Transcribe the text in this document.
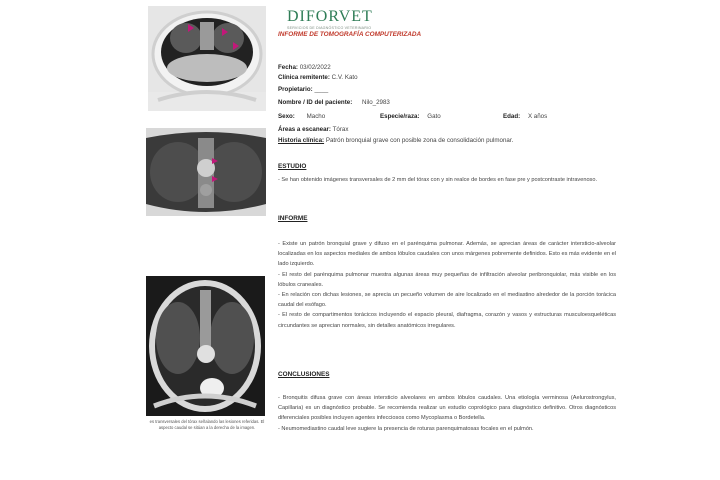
es transversales del tórax señalando las lesiones referidas. El aspecto caudal se sitúan a la derecha de la imagen.
DIFORVET
SERVICIOS DE DIAGNÓSTICO VETERINARIO
INFORME DE TOMOGRAFÍA COMPUTERIZADA
Fecha: 03/02/2022
Clínica remitente: C.V. Kato
Propietario: ____
Nombre / ID del paciente: Nilo_2983
Sexo: Macho	Especie/raza: Gato	Edad: X años
Áreas a escanear: Tórax
Historia clínica: Patrón bronquial grave con posible zona de consolidación pulmonar.
ESTUDIO

- Se han obtenido imágenes transversales de 2 mm del tórax con y sin realce de bordes en fase pre y postcontraste intravenoso.

INFORME

- Existe un patrón bronquial grave y difuso en el parénquima pulmonar. Además, se aprecian áreas de carácter intersticio-alveolar localizadas en los aspectos mediales de ambos lóbulos caudales con unos márgenes pobremente definidos. Esto es más evidente en el lado izquierdo.

- El resto del parénquima pulmonar muestra algunas áreas muy pequeñas de infiltración alveolar peribronquiolar, más visible en los lóbulos craneales.

- En relación con dichas lesiones, se aprecia un pecueño volumen de aire localizado en el mediastino alrededor de la porción torácica caudal del esófago.

- El resto de compartimentos torácicos incluyendo el espacio pleural, diafragma, corazón y vasos y estructuras musculoesqueléticas circundantes se aprecian normales, sin detalles anatómicos irregulares.

CONCLUSIONES

- Bronquitis difusa grave con áreas intersticio alveolares en ambos lóbulos caudales. Una etiología verminosa (Aelurostrongylus, Capillaria) es un diagnóstico probable. Se recomienda realizar un estudio coprológico para diagnóstico definitivo. Otros diagnósticos diferenciales posibles incluyen agentes infecciosos como Mycoplasma o Bordetella.

- Neumomediastino caudal leve sugiere la presencia de roturas parenquimatosas focales en el pulmón.
